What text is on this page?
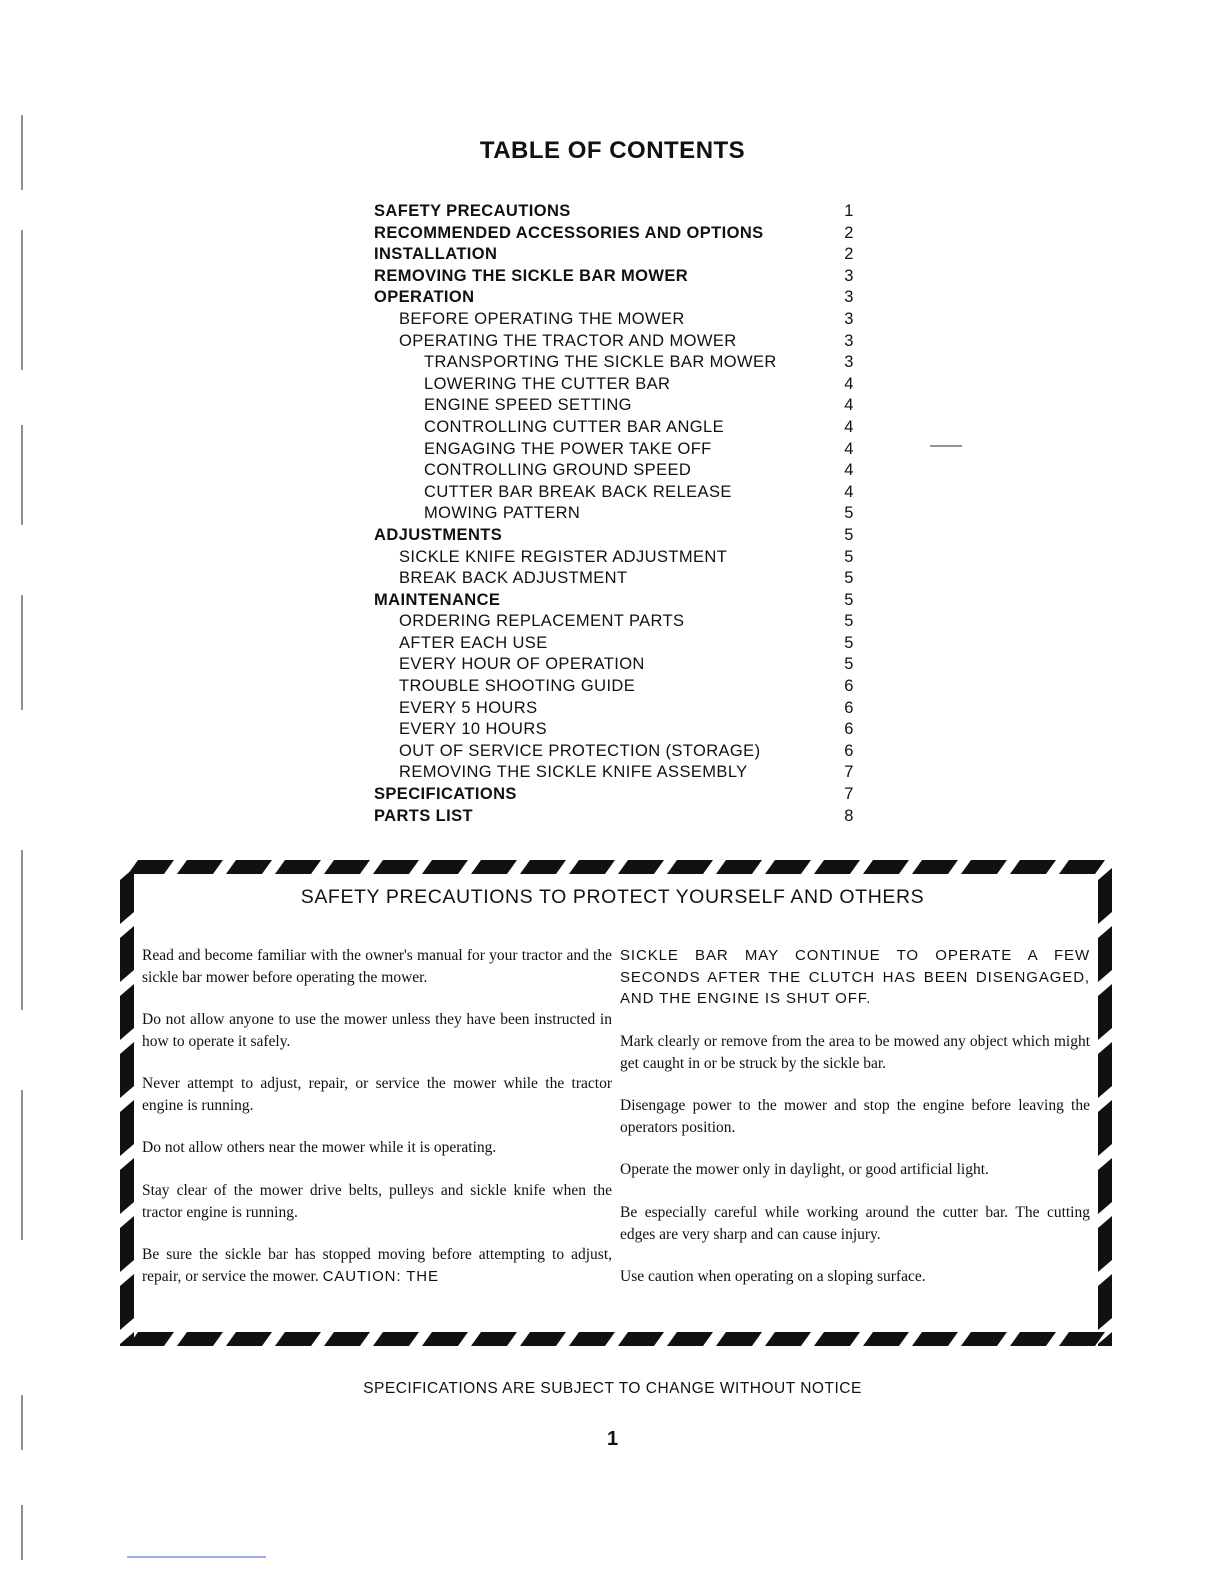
TABLE OF CONTENTS
SAFETY PRECAUTIONS	1
RECOMMENDED ACCESSORIES AND OPTIONS	2
INSTALLATION	2
REMOVING THE SICKLE BAR MOWER	3
OPERATION	3
BEFORE OPERATING THE MOWER	3
OPERATING THE TRACTOR AND MOWER	3
TRANSPORTING THE SICKLE BAR MOWER	3
LOWERING THE CUTTER BAR	4
ENGINE SPEED SETTING	4
CONTROLLING CUTTER BAR ANGLE	4
ENGAGING THE POWER TAKE OFF	4
CONTROLLING GROUND SPEED	4
CUTTER BAR BREAK BACK RELEASE	4
MOWING PATTERN	5
ADJUSTMENTS	5
SICKLE KNIFE REGISTER ADJUSTMENT	5
BREAK BACK ADJUSTMENT	5
MAINTENANCE	5
ORDERING REPLACEMENT PARTS	5
AFTER EACH USE	5
EVERY HOUR OF OPERATION	5
TROUBLE SHOOTING GUIDE	6
EVERY 5 HOURS	6
EVERY 10 HOURS	6
OUT OF SERVICE PROTECTION (STORAGE)	6
REMOVING THE SICKLE KNIFE ASSEMBLY	7
SPECIFICATIONS	7
PARTS LIST	8
SAFETY PRECAUTIONS TO PROTECT YOURSELF AND OTHERS

Read and become familiar with the owner's manual for your tractor and the sickle bar mower before operating the mower.

Do not allow anyone to use the mower unless they have been instructed in how to operate it safely.

Never attempt to adjust, repair, or service the mower while the tractor engine is running.

Do not allow others near the mower while it is operating.

Stay clear of the mower drive belts, pulleys and sickle knife when the tractor engine is running.

Be sure the sickle bar has stopped moving before attempting to adjust, repair, or service the mower. CAUTION: THE

SICKLE BAR MAY CONTINUE TO OPERATE A FEW SECONDS AFTER THE CLUTCH HAS BEEN DISENGAGED, AND THE ENGINE IS SHUT OFF.

Mark clearly or remove from the area to be mowed any object which might get caught in or be struck by the sickle bar.

Disengage power to the mower and stop the engine before leaving the operators position.

Operate the mower only in daylight, or good artificial light.

Be especially careful while working around the cutter bar. The cutting edges are very sharp and can cause injury.

Use caution when operating on a sloping surface.

SPECIFICATIONS ARE SUBJECT TO CHANGE WITHOUT NOTICE
1
